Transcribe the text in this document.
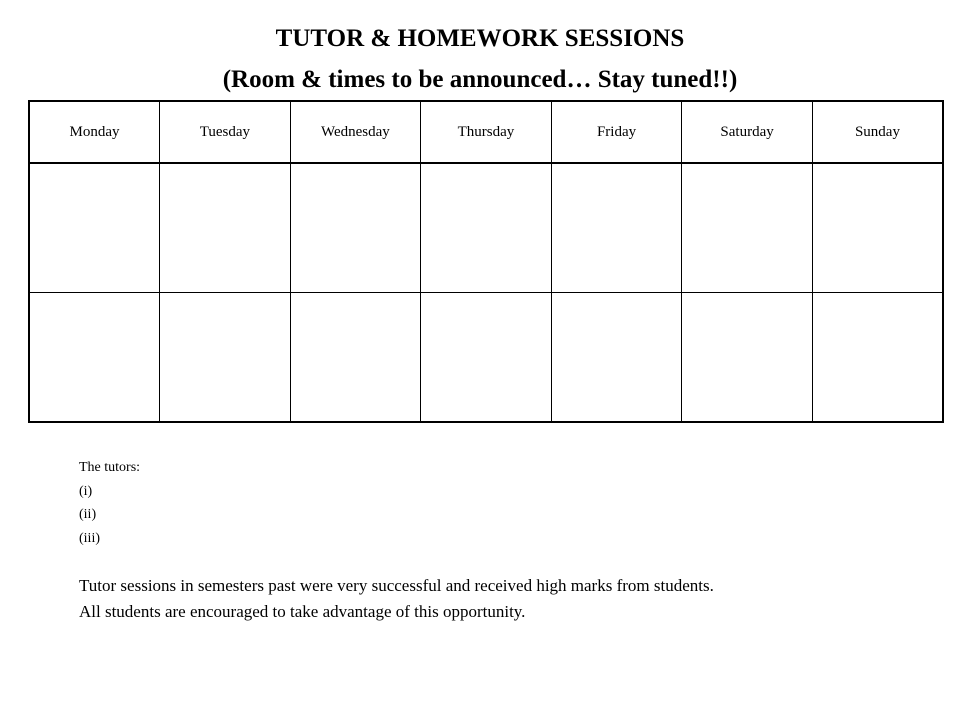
TUTOR & HOMEWORK SESSIONS
(Room & times to be announced… Stay tuned!!)
Monday	Tuesday	Wednesday	Thursday	Friday	Saturday	Sunday

The tutors:
(i)
(ii)
(iii)
Tutor sessions in semesters past were very successful and received high marks from students.
All students are encouraged to take advantage of this opportunity.
